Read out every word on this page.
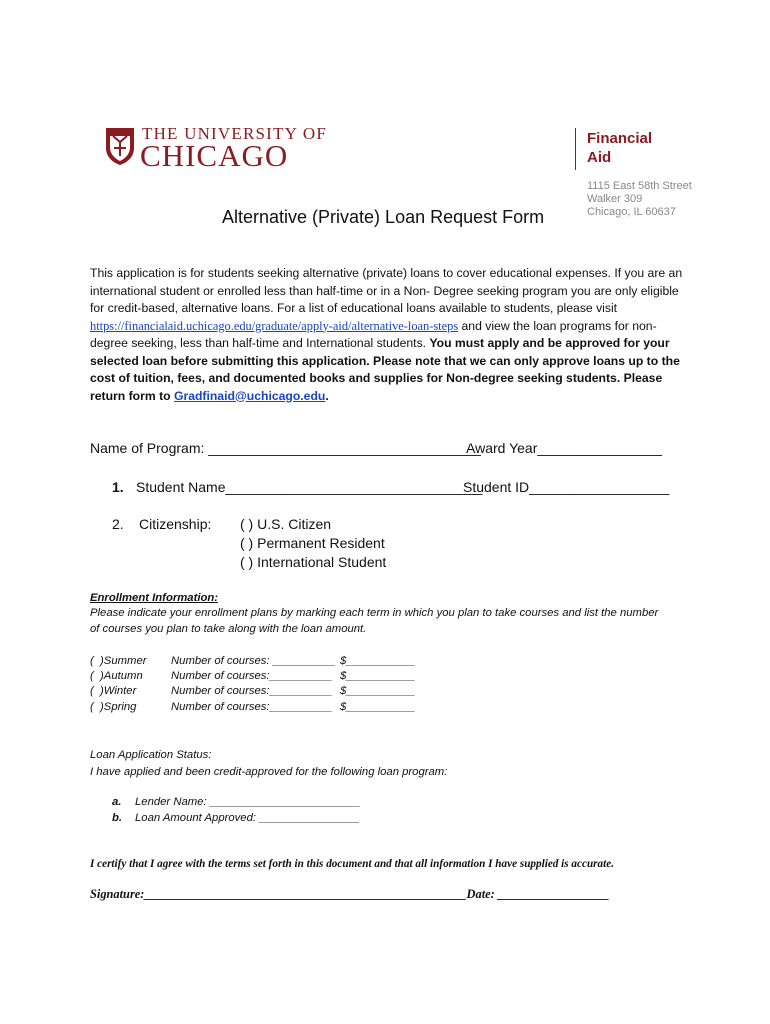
THE UNIVERSITY OF
CHICAGO	Financial
Aid
1115 East 58th Street
Walker 309
Chicago, IL 60637
Alternative (Private) Loan Request Form
This application is for students seeking alternative (private) loans to cover educational expenses. If you are an international student or enrolled less than half-time or in a Non- Degree seeking program you are only eligible for credit-based, alternative loans. For a list of educational loans available to students, please visit https://financialaid.uchicago.edu/graduate/apply-aid/alternative-loan-steps and view the loan programs for non-degree seeking, less than half-time and International students. You must apply and be approved for your selected loan before submitting this application. Please note that we can only approve loans up to the cost of tuition, fees, and documented books and supplies for Non-degree seeking students. Please return form to Gradfinaid@uchicago.edu.
Name of Program: ___________________________________
Award Year________________
1. Student Name_________________________________
Student ID__________________
2. Citizenship: ( ) U.S. Citizen
( ) Permanent Resident
( ) International Student
Enrollment Information:
Please indicate your enrollment plans by marking each term in which you plan to take courses and list the number
of courses you plan to take along with the loan amount.
(  )Summer Number of courses: __________ $___________
(  )Autumn	Number of courses:__________ $___________
(  )Winter	Number of courses:__________ $___________
(  )Spring	Number of courses:__________ $___________
Loan Application Status:
I have applied and been credit-approved for the following loan program:
a. Lender Name: ________________________
b. Loan Amount Approved: ________________
I certify that I agree with the terms set forth in this document and that all information I have supplied is accurate.
Signature:____________________________________________________Date: __________________
